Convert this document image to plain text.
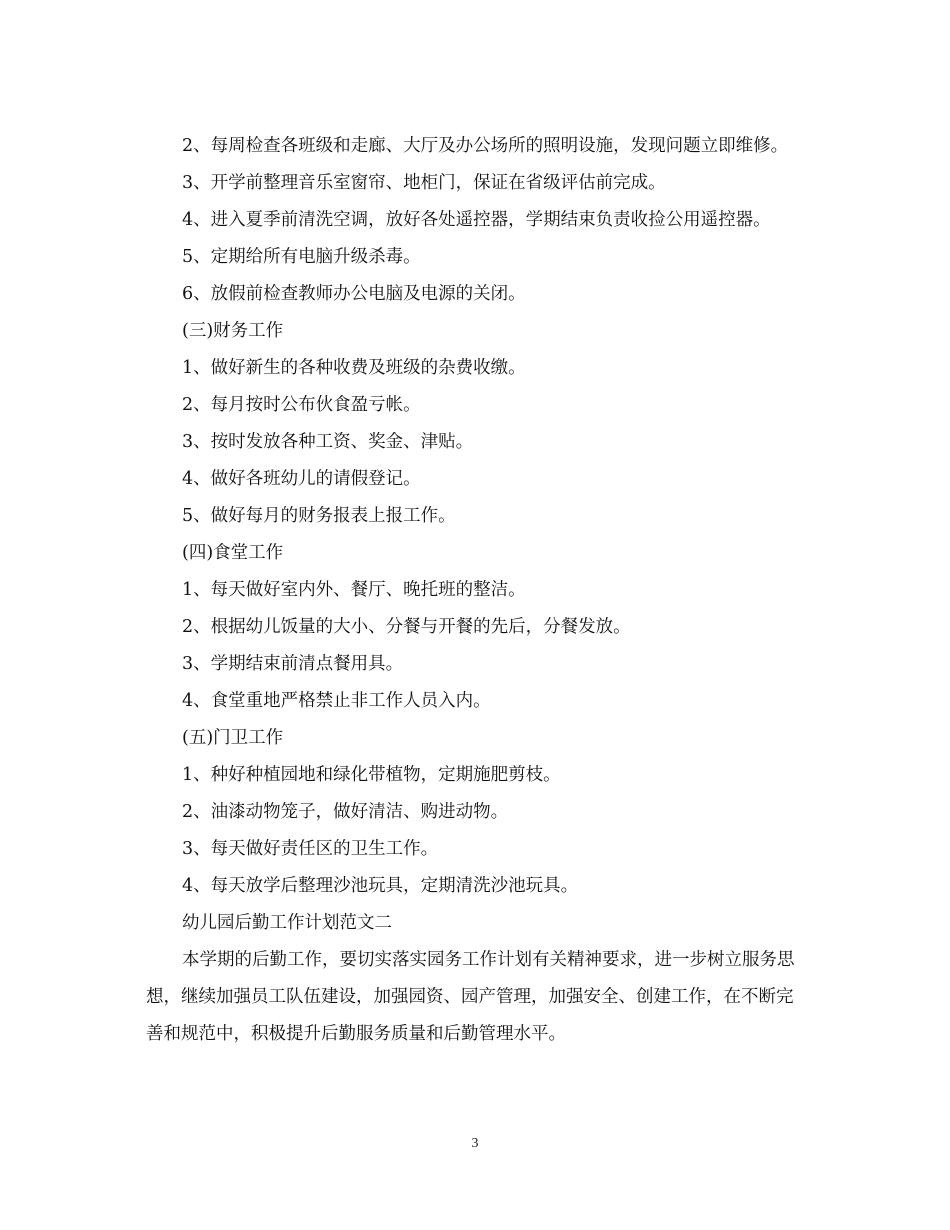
2、每周检查各班级和走廊、大厅及办公场所的照明设施，发现问题立即维修。

3、开学前整理音乐室窗帘、地柜门，保证在省级评估前完成。

4、进入夏季前清洗空调，放好各处遥控器，学期结束负责收捡公用遥控器。

5、定期给所有电脑升级杀毒。

6、放假前检查教师办公电脑及电源的关闭。

(三)财务工作

1、做好新生的各种收费及班级的杂费收缴。

2、每月按时公布伙食盈亏帐。

3、按时发放各种工资、奖金、津贴。

4、做好各班幼儿的请假登记。

5、做好每月的财务报表上报工作。

(四)食堂工作

1、每天做好室内外、餐厅、晚托班的整洁。

2、根据幼儿饭量的大小、分餐与开餐的先后，分餐发放。

3、学期结束前清点餐用具。

4、食堂重地严格禁止非工作人员入内。

(五)门卫工作

1、种好种植园地和绿化带植物，定期施肥剪枝。

2、油漆动物笼子，做好清洁、购进动物。

3、每天做好责任区的卫生工作。

4、每天放学后整理沙池玩具，定期清洗沙池玩具。

幼儿园后勤工作计划范文二

本学期的后勤工作，要切实落实园务工作计划有关精神要求，进一步树立服务思想，继续加强员工队伍建设，加强园资、园产管理，加强安全、创建工作，在不断完善和规范中，积极提升后勤服务质量和后勤管理水平。

3
